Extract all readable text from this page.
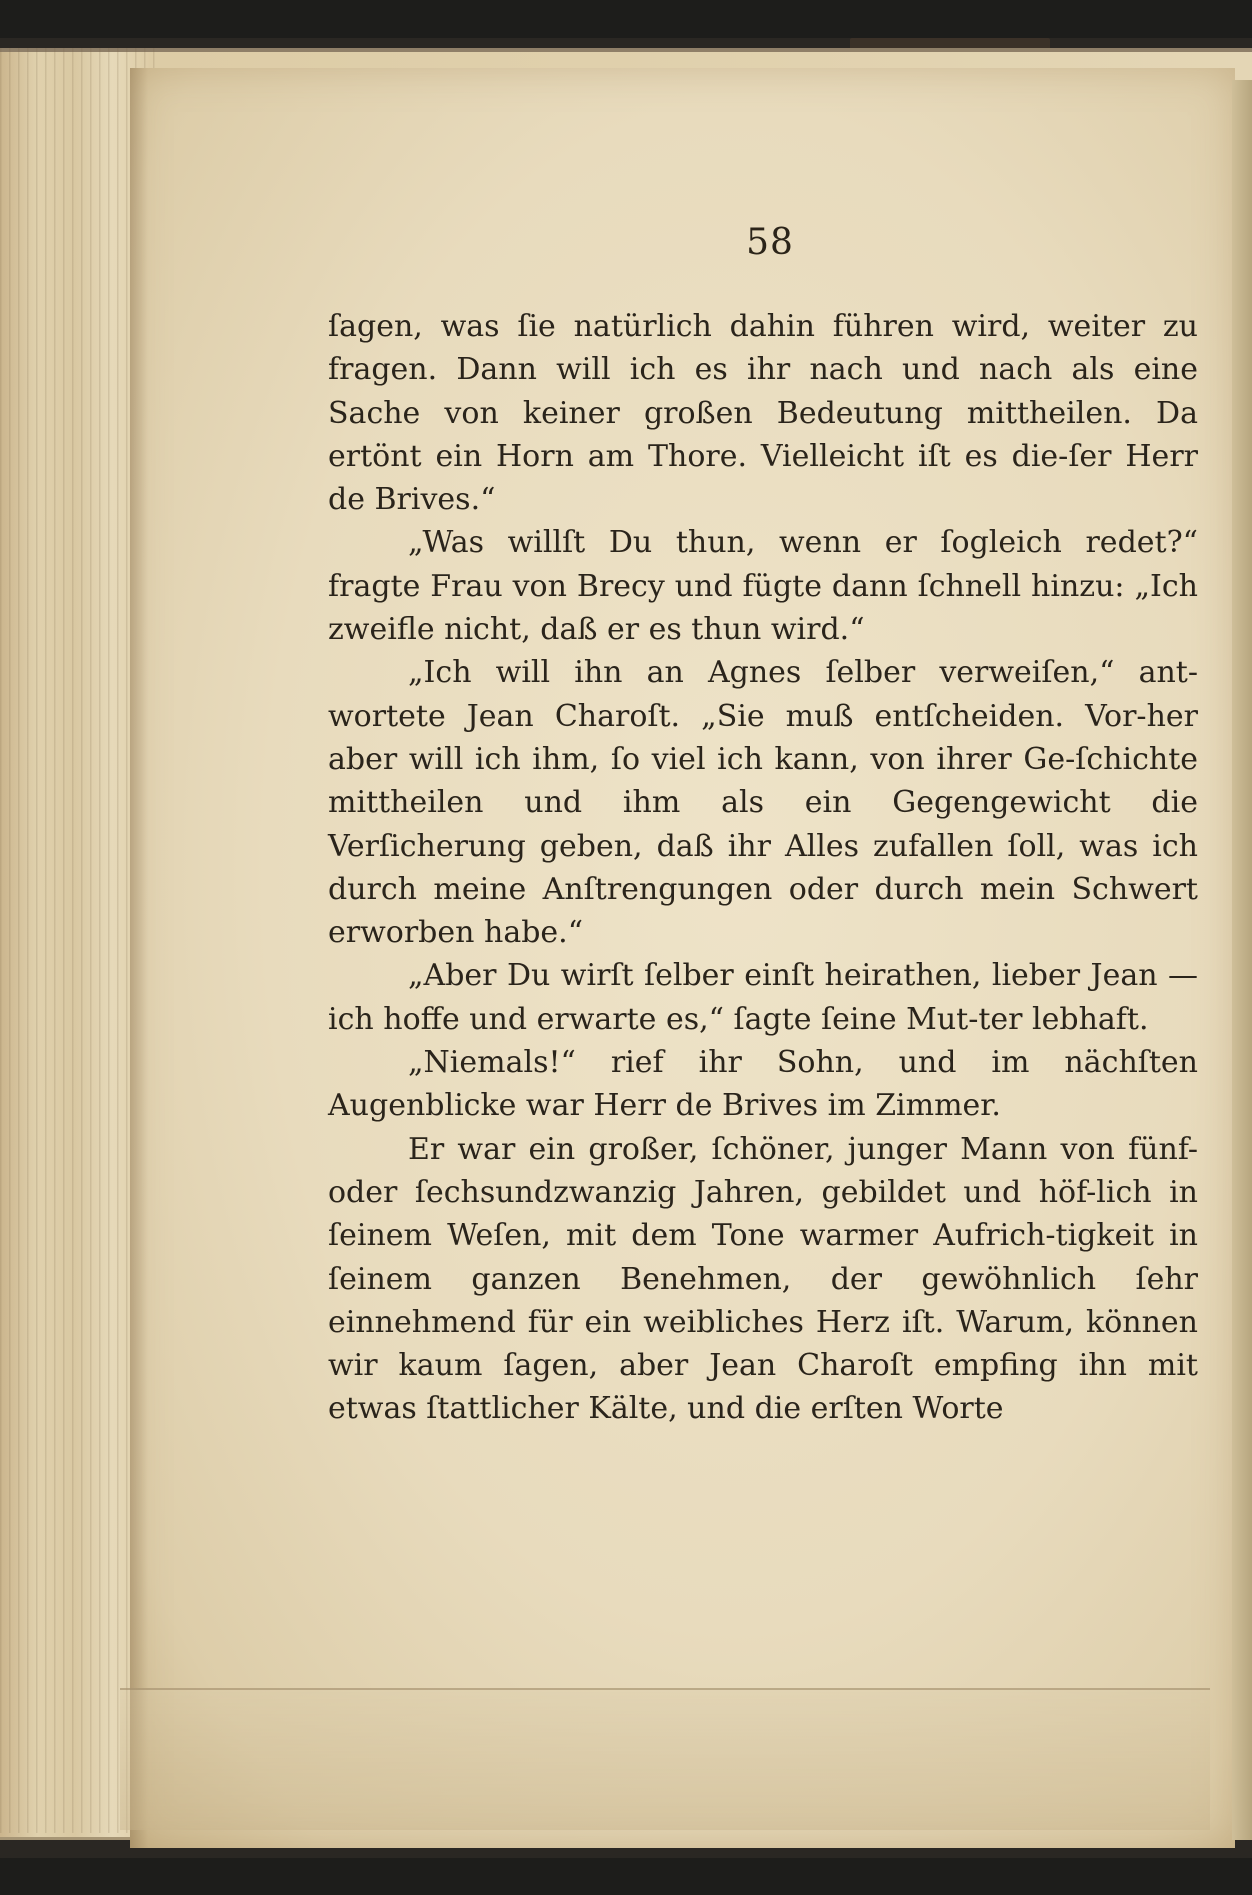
58

ſagen, was ſie natürlich dahin führen wird, weiter zu fragen. Dann will ich es ihr nach und nach als eine Sache von keiner großen Bedeutung mittheilen. Da ertönt ein Horn am Thore. Vielleicht iſt es die-ſer Herr de Brives.“

„Was willſt Du thun, wenn er ſogleich redet?“ fragte Frau von Brecy und fügte dann ſchnell hinzu: „Ich zweifle nicht, daß er es thun wird.“

„Ich will ihn an Agnes ſelber verweiſen,“ ant-wortete Jean Charoſt. „Sie muß entſcheiden. Vor-her aber will ich ihm, ſo viel ich kann, von ihrer Ge-ſchichte mittheilen und ihm als ein Gegengewicht die Verſicherung geben, daß ihr Alles zufallen ſoll, was ich durch meine Anſtrengungen oder durch mein Schwert erworben habe.“

„Aber Du wirſt ſelber einſt heirathen, lieber Jean — ich hoffe und erwarte es,“ ſagte ſeine Mut-ter lebhaft.

„Niemals!“ rief ihr Sohn, und im nächſten Augenblicke war Herr de Brives im Zimmer.

Er war ein großer, ſchöner, junger Mann von fünf- oder ſechsundzwanzig Jahren, gebildet und höf-lich in ſeinem Weſen, mit dem Tone warmer Aufrich-tigkeit in ſeinem ganzen Benehmen, der gewöhnlich ſehr einnehmend für ein weibliches Herz iſt. Warum, können wir kaum ſagen, aber Jean Charoſt empfing ihn mit etwas ſtattlicher Kälte, und die erſten Worte
